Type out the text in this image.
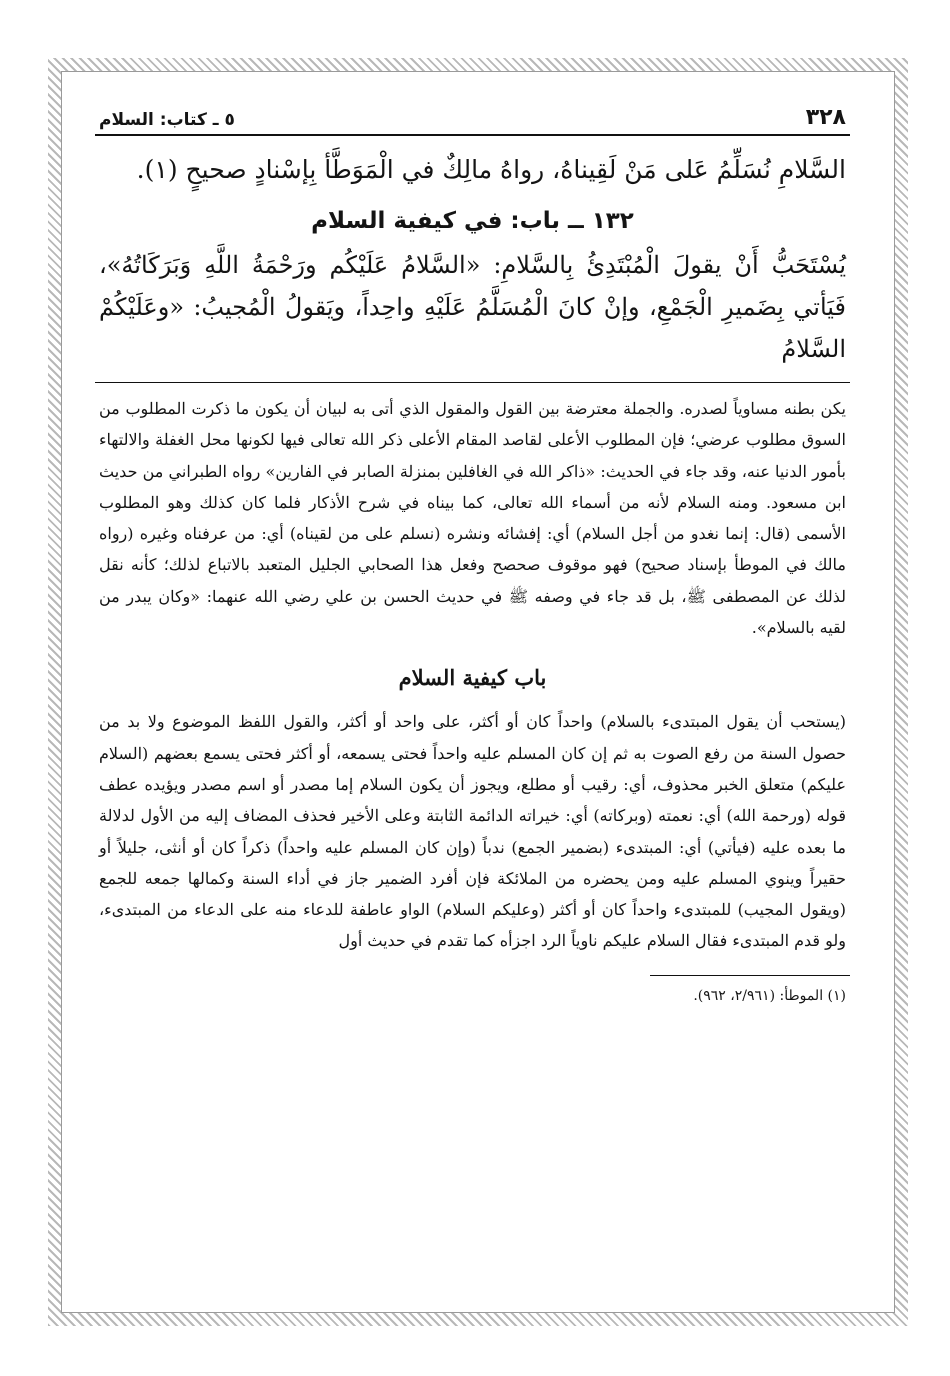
٣٢٨
٥ ـ كتاب: السلام

السَّلامِ نُسَلِّمُ عَلى مَنْ لَقِيناهُ، رواهُ مالِكٌ في الْمَوَطَّأ بِإسْنادٍ صحيحٍ (١).

١٣٢ ــ باب: في كيفية السلام

يُسْتَحَبُّ أَنْ يقولَ الْمُبْتَدِئُ بِالسَّلامِ: «السَّلامُ عَلَيْكُم ورَحْمَةُ اللَّهِ وَبَرَكَاتُهُ»، فَيَأتي بِضَميرِ الْجَمْعِ، وإنْ كانَ الْمُسَلَّمُ عَلَيْهِ واحِداً، ويَقولُ الْمُجيبُ: «وعَلَيْكُمْ السَّلامُ

يكن بطنه مساوياً لصدره. والجملة معترضة بين القول والمقول الذي أتى به لبيان أن يكون ما ذكرت المطلوب من السوق مطلوب عرضي؛ فإن المطلوب الأعلى لقاصد المقام الأعلى ذكر الله تعالى فيها لكونها محل الغفلة والالتهاء بأمور الدنيا عنه، وقد جاء في الحديث: «ذاكر الله في الغافلين بمنزلة الصابر في الفارين» رواه الطبراني من حديث ابن مسعود. ومنه السلام لأنه من أسماء الله تعالى، كما بيناه في شرح الأذكار فلما كان كذلك وهو المطلوب الأسمى (قال: إنما نغدو من أجل السلام) أي: إفشائه ونشره (نسلم على من لقيناه) أي: من عرفناه وغيره (رواه مالك في الموطأ بإسناد صحيح) فهو موقوف صحصح وفعل هذا الصحابي الجليل المتعبد بالاتباع لذلك؛ كأنه نقل لذلك عن المصطفى ﷺ، بل قد جاء في وصفه ﷺ في حديث الحسن بن علي رضي الله عنهما: «وكان يبدر من لقيه بالسلام».

باب كيفية السلام

(يستحب أن يقول المبتدىء بالسلام) واحداً كان أو أكثر، على واحد أو أكثر، والقول اللفظ الموضوع ولا بد من حصول السنة من رفع الصوت به ثم إن كان المسلم عليه واحداً فحتى يسمعه، أو أكثر فحتى يسمع بعضهم (السلام عليكم) متعلق الخبر محذوف، أي: رقيب أو مطلع، ويجوز أن يكون السلام إما مصدر أو اسم مصدر ويؤيده عطف قوله (ورحمة الله) أي: نعمته (وبركاته) أي: خيراته الدائمة الثابتة وعلى الأخير فحذف المضاف إليه من الأول لدلالة ما بعده عليه (فيأتي) أي: المبتدىء (بضمير الجمع) ندباً (وإن كان المسلم عليه واحداً) ذكراً كان أو أنثى، جليلاً أو حقيراً وينوي المسلم عليه ومن يحضره من الملائكة فإن أفرد الضمير جاز في أداء السنة وكمالها جمعه للجمع (ويقول المجيب) للمبتدىء واحداً كان أو أكثر (وعليكم السلام) الواو عاطفة للدعاء منه على الدعاء من المبتدىء، ولو قدم المبتدىء فقال السلام عليكم ناوياً الرد اجزأه كما تقدم في حديث أول

(١) الموطأ: (٢/٩٦١، ٩٦٢).
